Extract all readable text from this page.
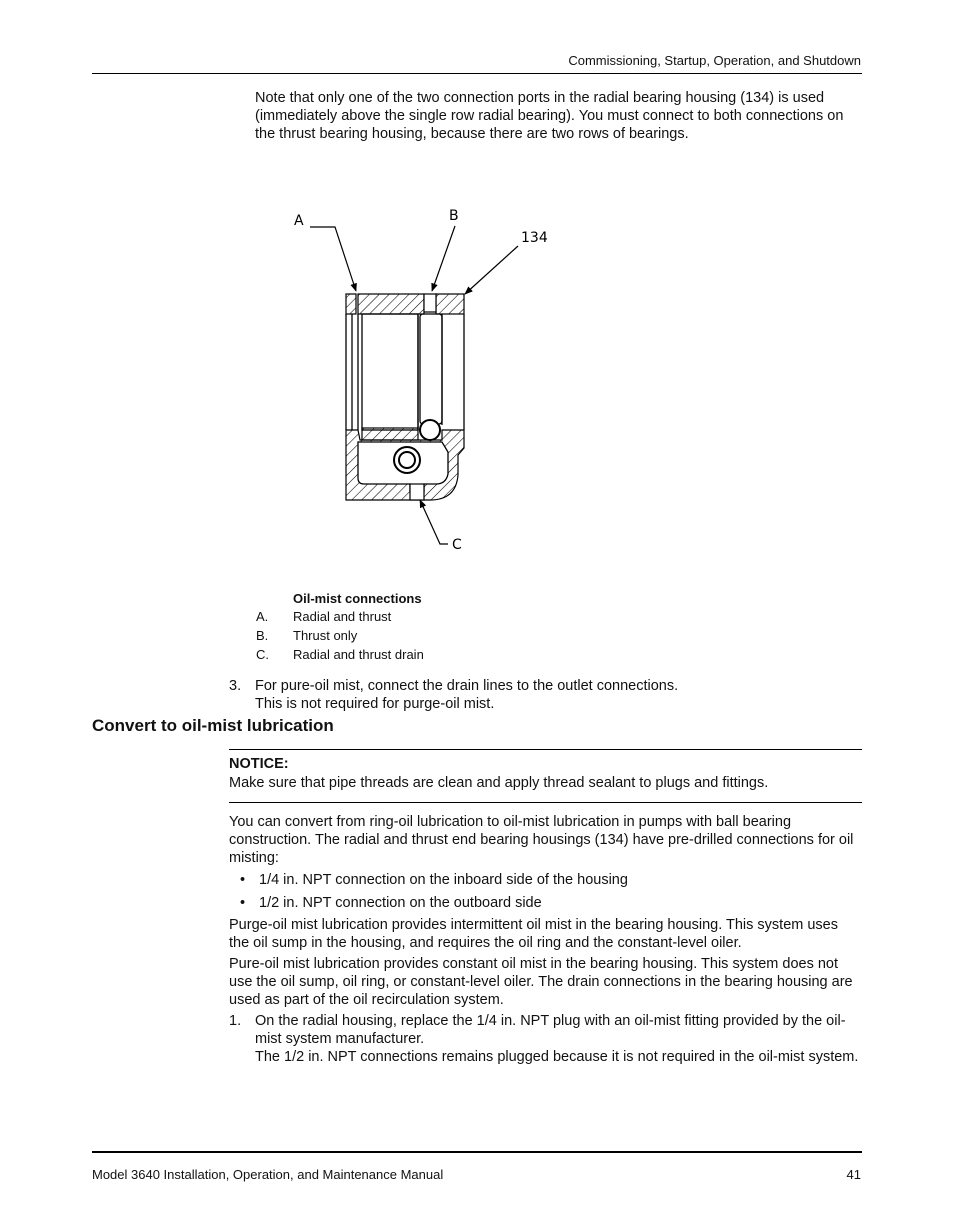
Commissioning, Startup, Operation, and Shutdown

Note that only one of the two connection ports in the radial bearing housing (134) is used (immediately above the single row radial bearing). You must connect to both connections on the thrust bearing housing, because there are two rows of bearings.

A	B
134
C
Oil-mist connections
A. Radial and thrust
B. Thrust only
C. Radial and thrust drain
3. For pure-oil mist, connect the drain lines to the outlet connections.
This is not required for purge-oil mist.
Convert to oil-mist lubrication
NOTICE:

Make sure that pipe threads are clean and apply thread sealant to plugs and fittings.

You can convert from ring-oil lubrication to oil-mist lubrication in pumps with ball bearing construction. The radial and thrust end bearing housings (134) have pre-drilled connections for oil misting:

• 1/4 in. NPT connection on the inboard side of the housing
• 1/2 in. NPT connection on the outboard side

Purge-oil mist lubrication provides intermittent oil mist in the bearing housing. This system uses the oil sump in the housing, and requires the oil ring and the constant-level oiler.

Pure-oil mist lubrication provides constant oil mist in the bearing housing. This system does not use the oil sump, oil ring, or constant-level oiler. The drain connections in the bearing housing are used as part of the oil recirculation system.

1. On the radial housing, replace the 1/4 in. NPT plug with an oil-mist fitting provided by the oil-mist system manufacturer.
The 1/2 in. NPT connections remains plugged because it is not required in the oil-mist system.
Model 3640 Installation, Operation, and Maintenance Manual	41
